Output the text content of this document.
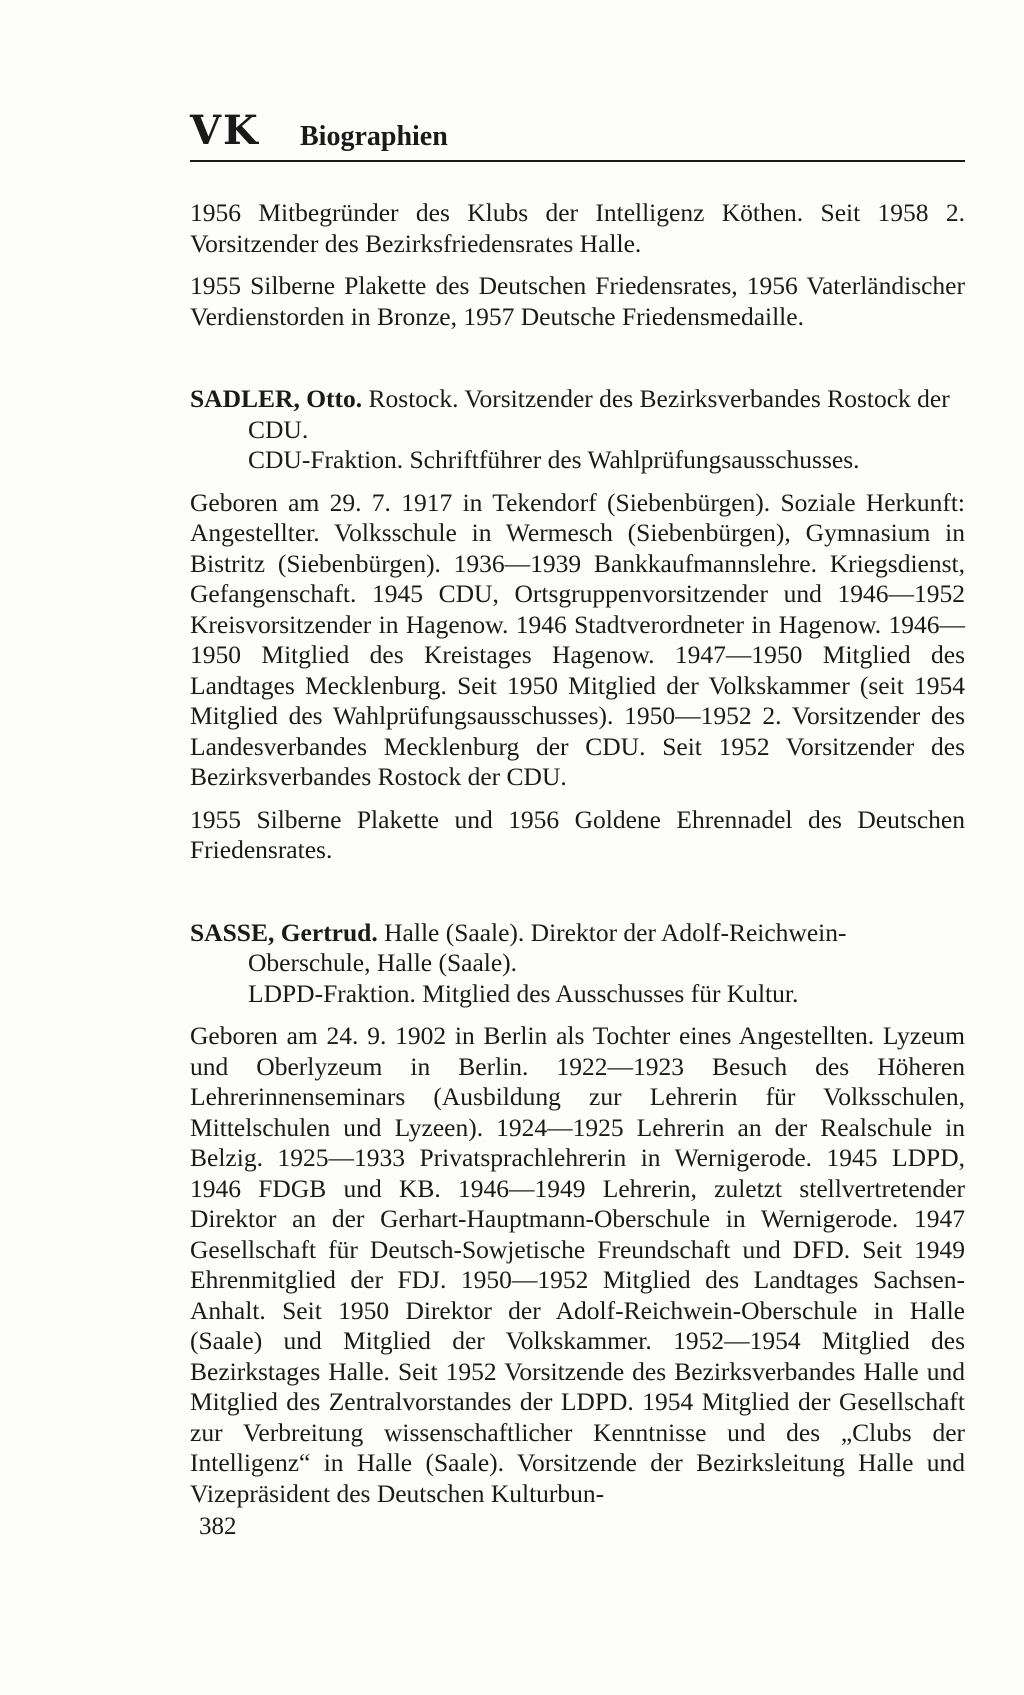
VK Biographien

1956 Mitbegründer des Klubs der Intelligenz Köthen. Seit 1958 2. Vorsitzender des Bezirksfriedensrates Halle.

1955 Silberne Plakette des Deutschen Friedensrates, 1956 Vaterländischer Verdienstorden in Bronze, 1957 Deutsche Friedensmedaille.

SADLER, Otto. Rostock. Vorsitzender des Bezirksverbandes Rostock der CDU.

CDU-Fraktion. Schriftführer des Wahlprüfungsausschusses.

Geboren am 29. 7. 1917 in Tekendorf (Siebenbürgen). Soziale Herkunft: Angestellter. Volksschule in Wermesch (Siebenbürgen), Gymnasium in Bistritz (Siebenbürgen). 1936—1939 Bankkaufmannslehre. Kriegsdienst, Gefangenschaft. 1945 CDU, Ortsgruppenvorsitzender und 1946—1952 Kreisvorsitzender in Hagenow. 1946 Stadtverordneter in Hagenow. 1946—1950 Mitglied des Kreistages Hagenow. 1947—1950 Mitglied des Landtages Mecklenburg. Seit 1950 Mitglied der Volkskammer (seit 1954 Mitglied des Wahlprüfungsausschusses). 1950—1952 2. Vorsitzender des Landesverbandes Mecklenburg der CDU. Seit 1952 Vorsitzender des Bezirksverbandes Rostock der CDU.

1955 Silberne Plakette und 1956 Goldene Ehrennadel des Deutschen Friedensrates.

SASSE, Gertrud. Halle (Saale). Direktor der Adolf-Reichwein-Oberschule, Halle (Saale).

LDPD-Fraktion. Mitglied des Ausschusses für Kultur.

Geboren am 24. 9. 1902 in Berlin als Tochter eines Angestellten. Lyzeum und Oberlyzeum in Berlin. 1922—1923 Besuch des Höheren Lehrerinnenseminars (Ausbildung zur Lehrerin für Volksschulen, Mittelschulen und Lyzeen). 1924—1925 Lehrerin an der Realschule in Belzig. 1925—1933 Privatsprachlehrerin in Wernigerode. 1945 LDPD, 1946 FDGB und KB. 1946—1949 Lehrerin, zuletzt stellvertretender Direktor an der Gerhart-Hauptmann-Oberschule in Wernigerode. 1947 Gesellschaft für Deutsch-Sowjetische Freundschaft und DFD. Seit 1949 Ehrenmitglied der FDJ. 1950—1952 Mitglied des Landtages Sachsen-Anhalt. Seit 1950 Direktor der Adolf-Reichwein-Oberschule in Halle (Saale) und Mitglied der Volkskammer. 1952—1954 Mitglied des Bezirkstages Halle. Seit 1952 Vorsitzende des Bezirksverbandes Halle und Mitglied des Zentralvorstandes der LDPD. 1954 Mitglied der Gesellschaft zur Verbreitung wissenschaftlicher Kenntnisse und des „Clubs der Intelligenz“ in Halle (Saale). Vorsitzende der Bezirksleitung Halle und Vizepräsident des Deutschen Kulturbun-

382
